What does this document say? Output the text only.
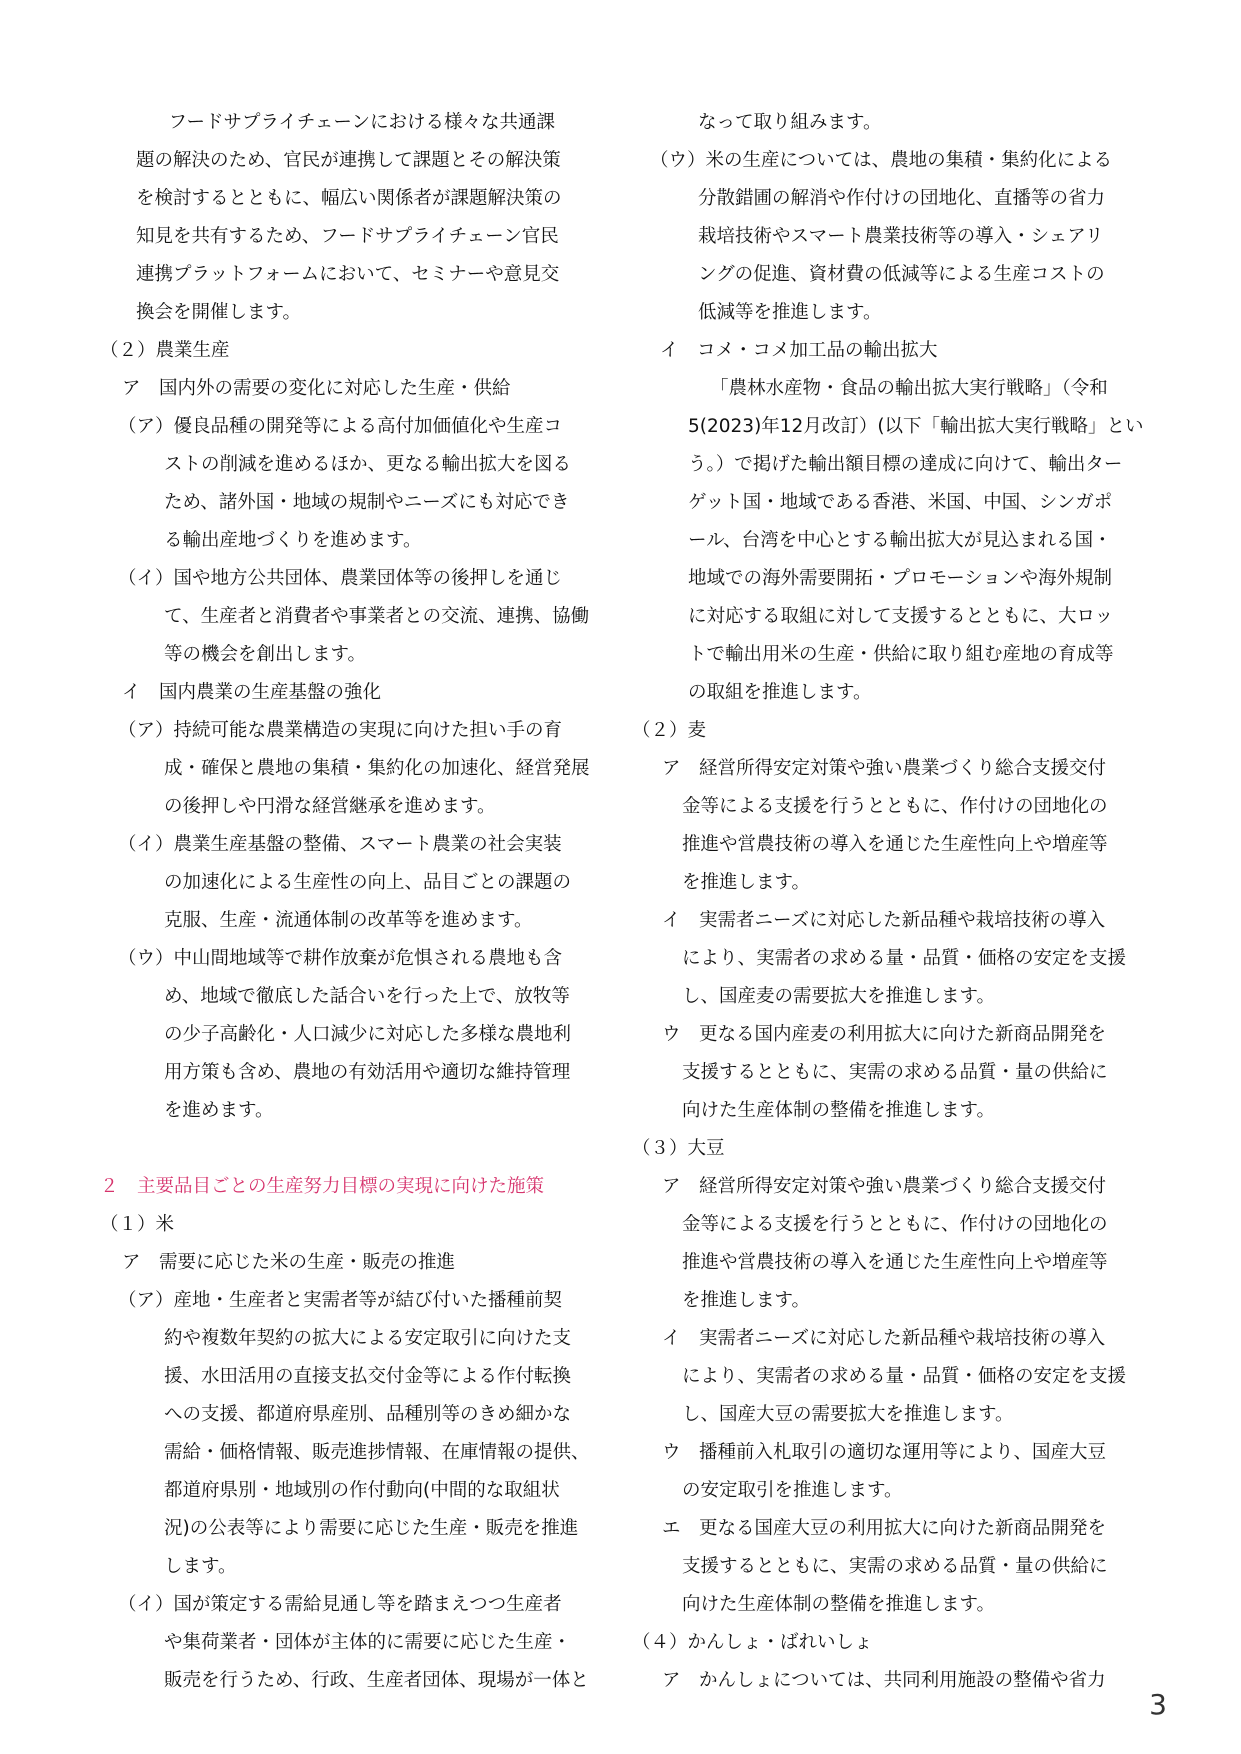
　フードサプライチェーンにおける様々な共通課
題の解決のため、官民が連携して課題とその解決策
を検討するとともに、幅広い関係者が課題解決策の
知見を共有するため、フードサプライチェーン官民
連携プラットフォームにおいて、セミナーや意見交
換会を開催します。
（２）農業生産
ア　国内外の需要の変化に対応した生産・供給
（ア）優良品種の開発等による高付加価値化や生産コ
ストの削減を進めるほか、更なる輸出拡大を図る
ため、諸外国・地域の規制やニーズにも対応でき
る輸出産地づくりを進めます。
（イ）国や地方公共団体、農業団体等の後押しを通じ
て、生産者と消費者や事業者との交流、連携、協働
等の機会を創出します。
イ　国内農業の生産基盤の強化
（ア）持続可能な農業構造の実現に向けた担い手の育
成・確保と農地の集積・集約化の加速化、経営発展
の後押しや円滑な経営継承を進めます。
（イ）農業生産基盤の整備、スマート農業の社会実装
の加速化による生産性の向上、品目ごとの課題の
克服、生産・流通体制の改革等を進めます。
（ウ）中山間地域等で耕作放棄が危惧される農地も含
め、地域で徹底した話合いを行った上で、放牧等
の少子高齢化・人口減少に対応した多様な農地利
用方策も含め、農地の有効活用や適切な維持管理
を進めます。
２　主要品目ごとの生産努力目標の実現に向けた施策
（１）米
ア　需要に応じた米の生産・販売の推進
（ア）産地・生産者と実需者等が結び付いた播種前契
約や複数年契約の拡大による安定取引に向けた支
援、水田活用の直接支払交付金等による作付転換
への支援、都道府県産別、品種別等のきめ細かな
需給・価格情報、販売進捗情報、在庫情報の提供、
都道府県別・地域別の作付動向(中間的な取組状
況)の公表等により需要に応じた生産・販売を推進
します。
（イ）国が策定する需給見通し等を踏まえつつ生産者
や集荷業者・団体が主体的に需要に応じた生産・
販売を行うため、行政、生産者団体、現場が一体と
なって取り組みます。
（ウ）米の生産については、農地の集積・集約化による
分散錯圃の解消や作付けの団地化、直播等の省力
栽培技術やスマート農業技術等の導入・シェアリ
ングの促進、資材費の低減等による生産コストの
低減等を推進します。
イ　コメ・コメ加工品の輸出拡大
「農林水産物・食品の輸出拡大実行戦略」（令和
5(2023)年12月改訂）(以下「輸出拡大実行戦略」とい
う。）で掲げた輸出額目標の達成に向けて、輸出ター
ゲット国・地域である香港、米国、中国、シンガポ
ール、台湾を中心とする輸出拡大が見込まれる国・
地域での海外需要開拓・プロモーションや海外規制
に対応する取組に対して支援するとともに、大ロッ
トで輸出用米の生産・供給に取り組む産地の育成等
の取組を推進します。
（２）麦
ア　経営所得安定対策や強い農業づくり総合支援交付
金等による支援を行うとともに、作付けの団地化の
推進や営農技術の導入を通じた生産性向上や増産等
を推進します。
イ　実需者ニーズに対応した新品種や栽培技術の導入
により、実需者の求める量・品質・価格の安定を支援
し、国産麦の需要拡大を推進します。
ウ　更なる国内産麦の利用拡大に向けた新商品開発を
支援するとともに、実需の求める品質・量の供給に
向けた生産体制の整備を推進します。
（３）大豆
ア　経営所得安定対策や強い農業づくり総合支援交付
金等による支援を行うとともに、作付けの団地化の
推進や営農技術の導入を通じた生産性向上や増産等
を推進します。
イ　実需者ニーズに対応した新品種や栽培技術の導入
により、実需者の求める量・品質・価格の安定を支援
し、国産大豆の需要拡大を推進します。
ウ　播種前入札取引の適切な運用等により、国産大豆
の安定取引を推進します。
エ　更なる国産大豆の利用拡大に向けた新商品開発を
支援するとともに、実需の求める品質・量の供給に
向けた生産体制の整備を推進します。
（４）かんしょ・ばれいしょ
ア　かんしょについては、共同利用施設の整備や省力
3
